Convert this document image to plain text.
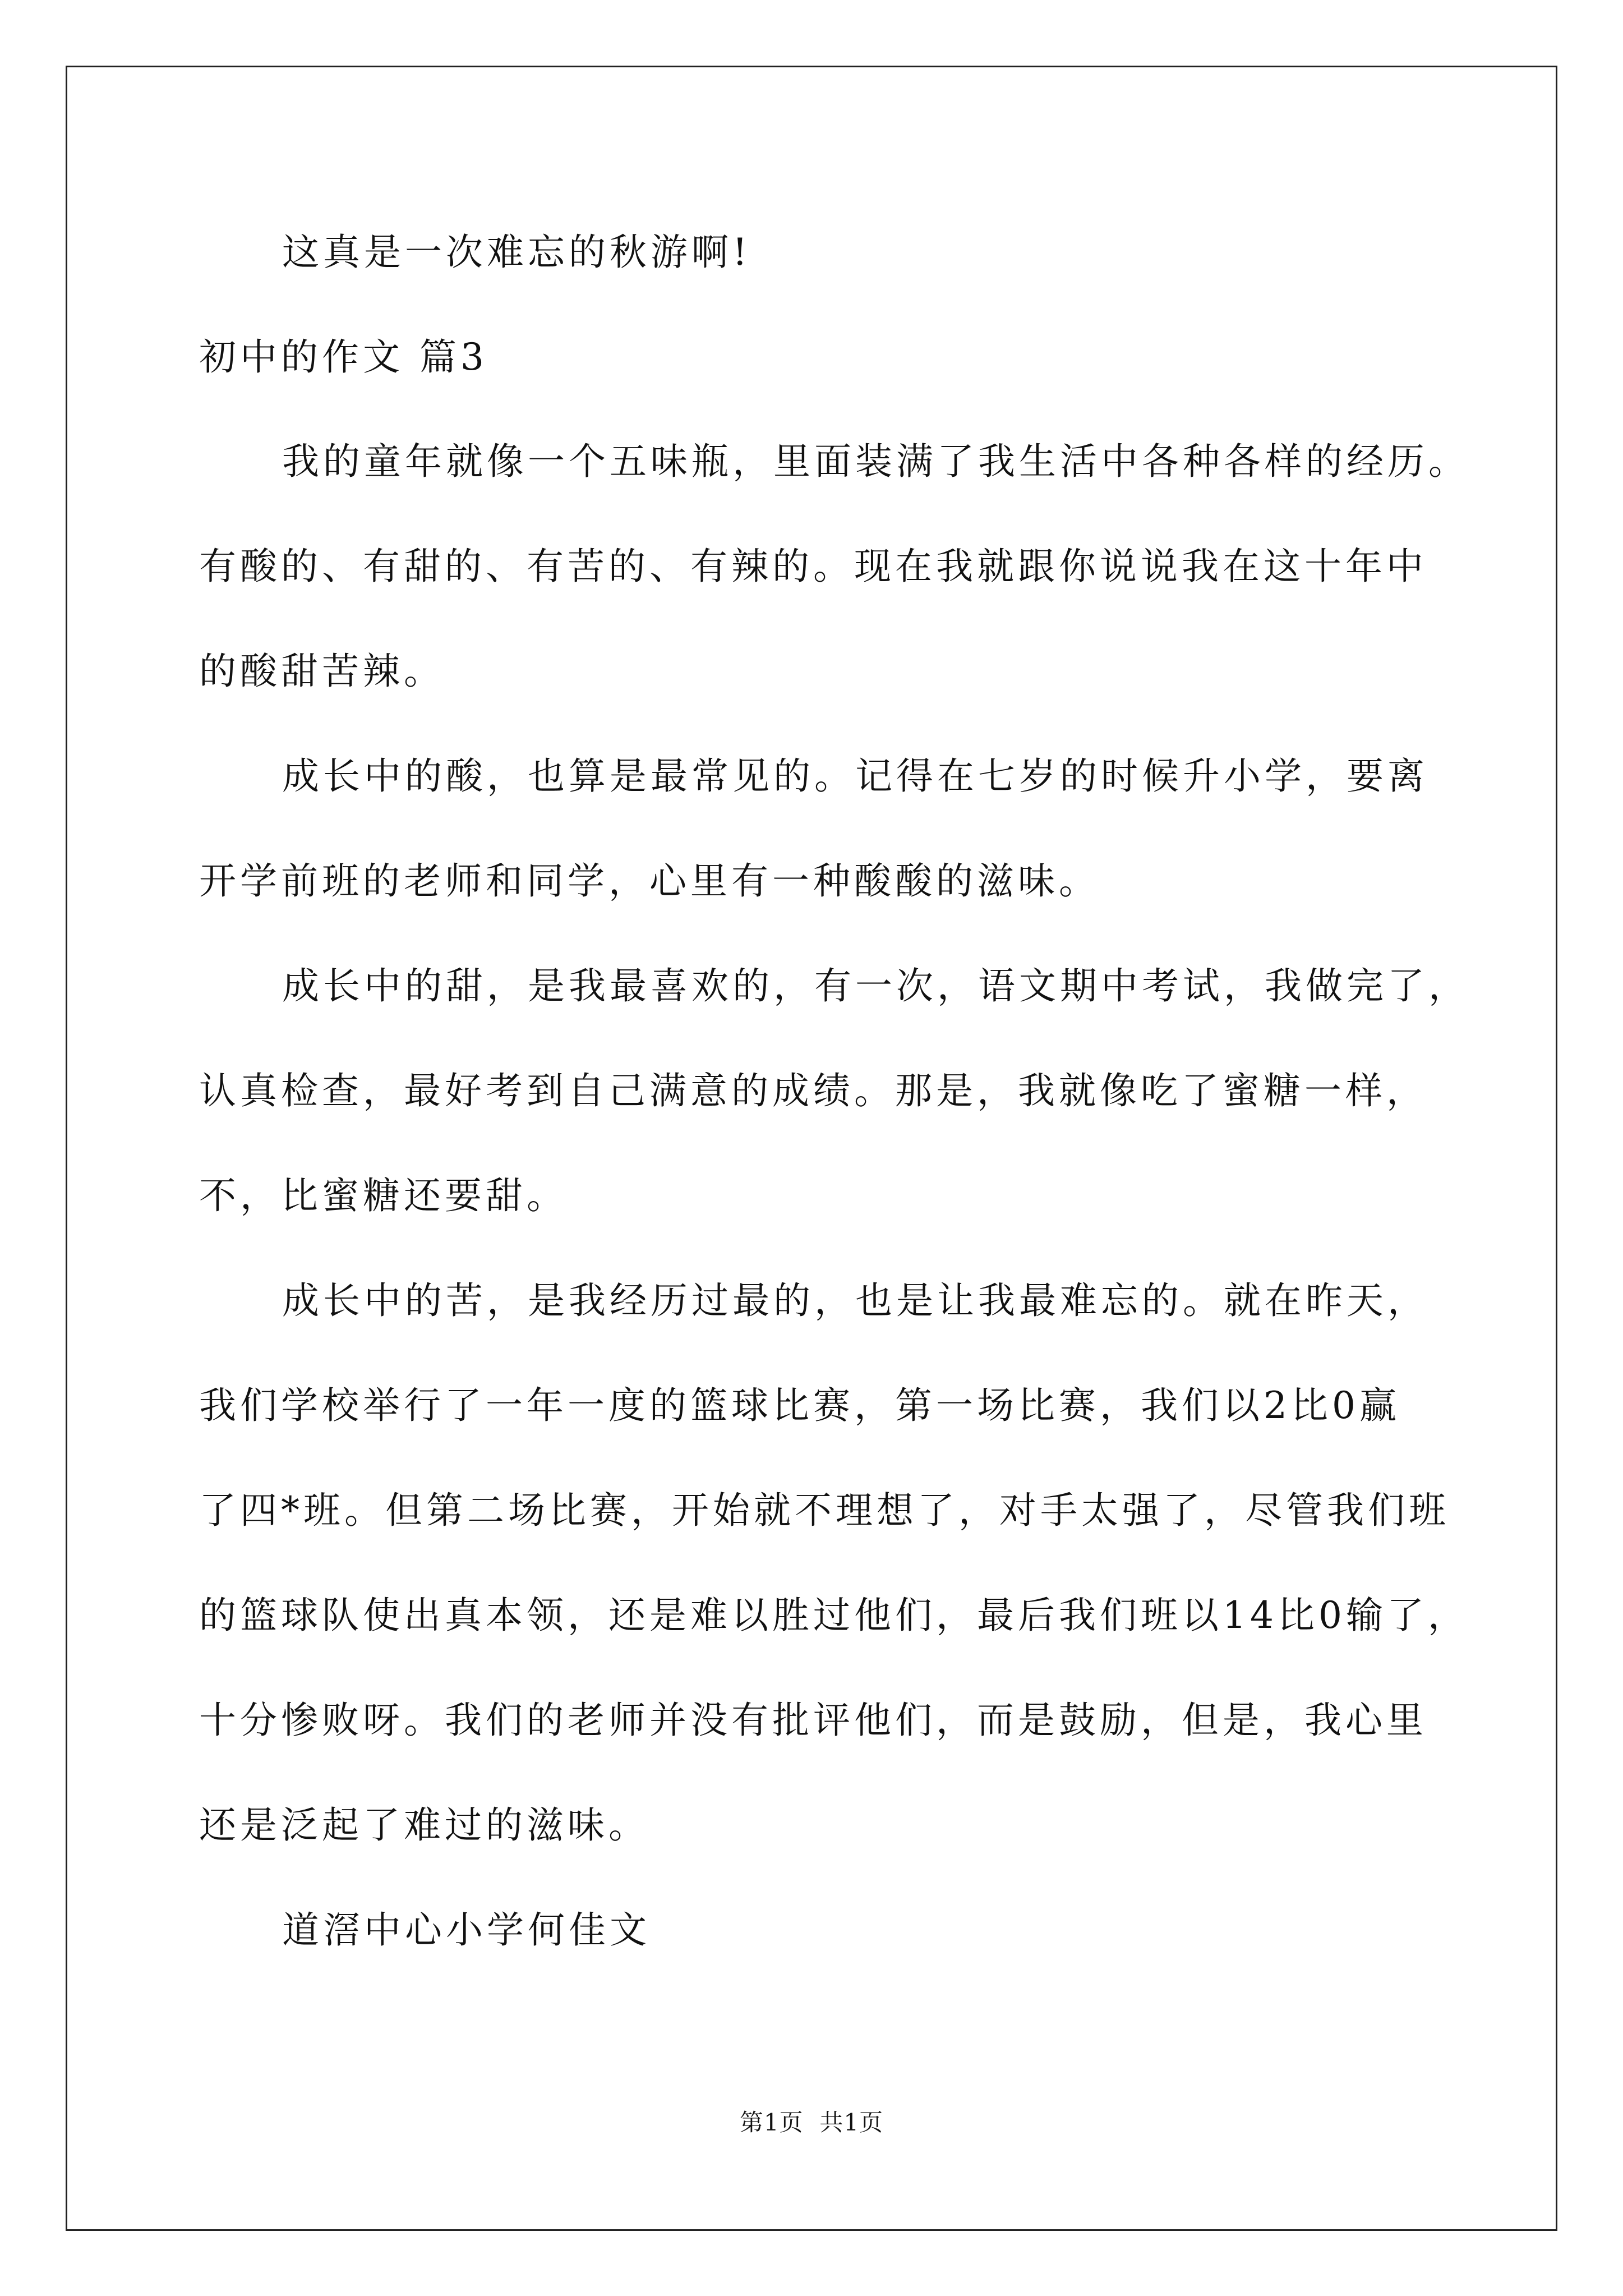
这真是一次难忘的秋游啊!
初中的作文 篇3
我的童年就像一个五味瓶，里面装满了我生活中各种各样的经历。
有酸的、有甜的、有苦的、有辣的。现在我就跟你说说我在这十年中
的酸甜苦辣。
成长中的酸，也算是最常见的。记得在七岁的时候升小学，要离
开学前班的老师和同学，心里有一种酸酸的滋味。
成长中的甜，是我最喜欢的，有一次，语文期中考试，我做完了，
认真检查，最好考到自己满意的成绩。那是，我就像吃了蜜糖一样，
不，比蜜糖还要甜。
成长中的苦，是我经历过最的，也是让我最难忘的。就在昨天，
我们学校举行了一年一度的篮球比赛，第一场比赛，我们以2比0赢
了四*班。但第二场比赛，开始就不理想了，对手太强了，尽管我们班
的篮球队使出真本领，还是难以胜过他们，最后我们班以14比0输了，
十分惨败呀。我们的老师并没有批评他们，而是鼓励，但是，我心里
还是泛起了难过的滋味。
道滘中心小学何佳文
第1页  共1页
